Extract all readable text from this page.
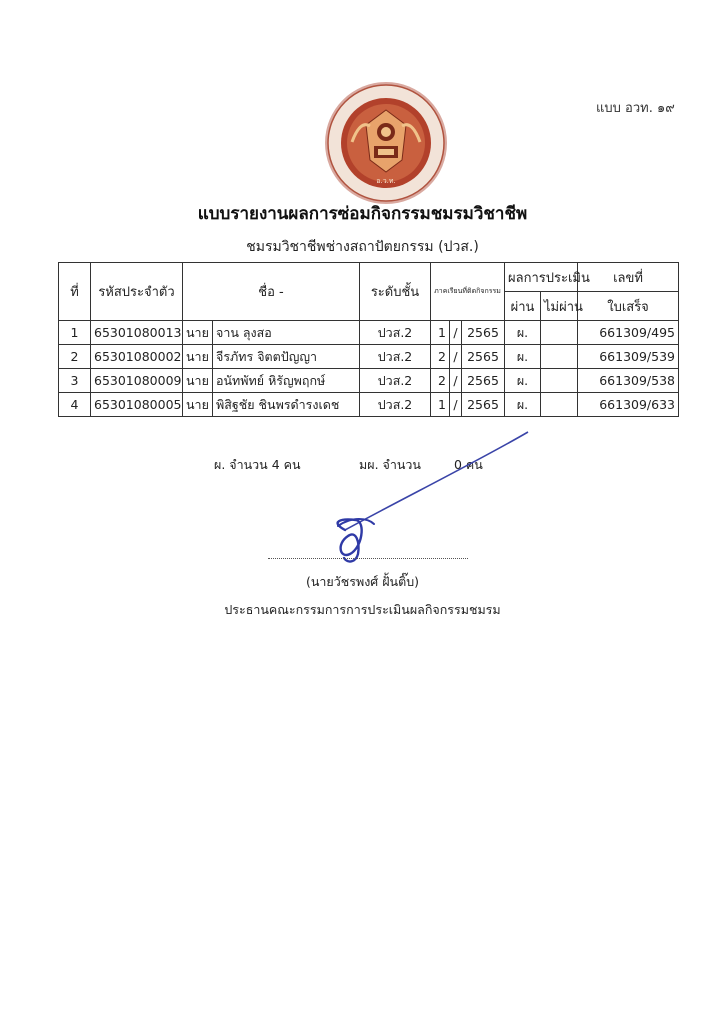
แบบ อวท. ๑๙
อ.ว.ท.
แบบรายงานผลการซ่อมกิจกรรมชมรมวิชาชีพ
ชมรมวิชาชีพช่างสถาปัตยกรรม (ปวส.)
ที่	รหัสประจำตัว	ชื่อ -		ระดับชั้น	ภาคเรียนที่ติดกิจกรรม			ผลการประเมิน		เลขที่
								ผ่าน	ไม่ผ่าน	ใบเสร็จ
1	65301080013	นาย	จาน ลุงสอ	ปวส.2	1	/	2565	ผ.		661309/495
2	65301080002	นาย	จีรภัทร จิตตปัญญา	ปวส.2	2	/	2565	ผ.		661309/539
3	65301080009	นาย	อนัทพัทย์ หิรัญพฤกษ์	ปวส.2	2	/	2565	ผ.		661309/538
4	65301080005	นาย	พิสิฐชัย ชินพรดำรงเดช	ปวส.2	1	/	2565	ผ.		661309/633
ผ. จำนวน 4 คน	มผ. จำนวน	0 คน
(นายวัชรพงศ์ ฝั้นติ๊บ)
ประธานคณะกรรมการการประเมินผลกิจกรรมชมรม
